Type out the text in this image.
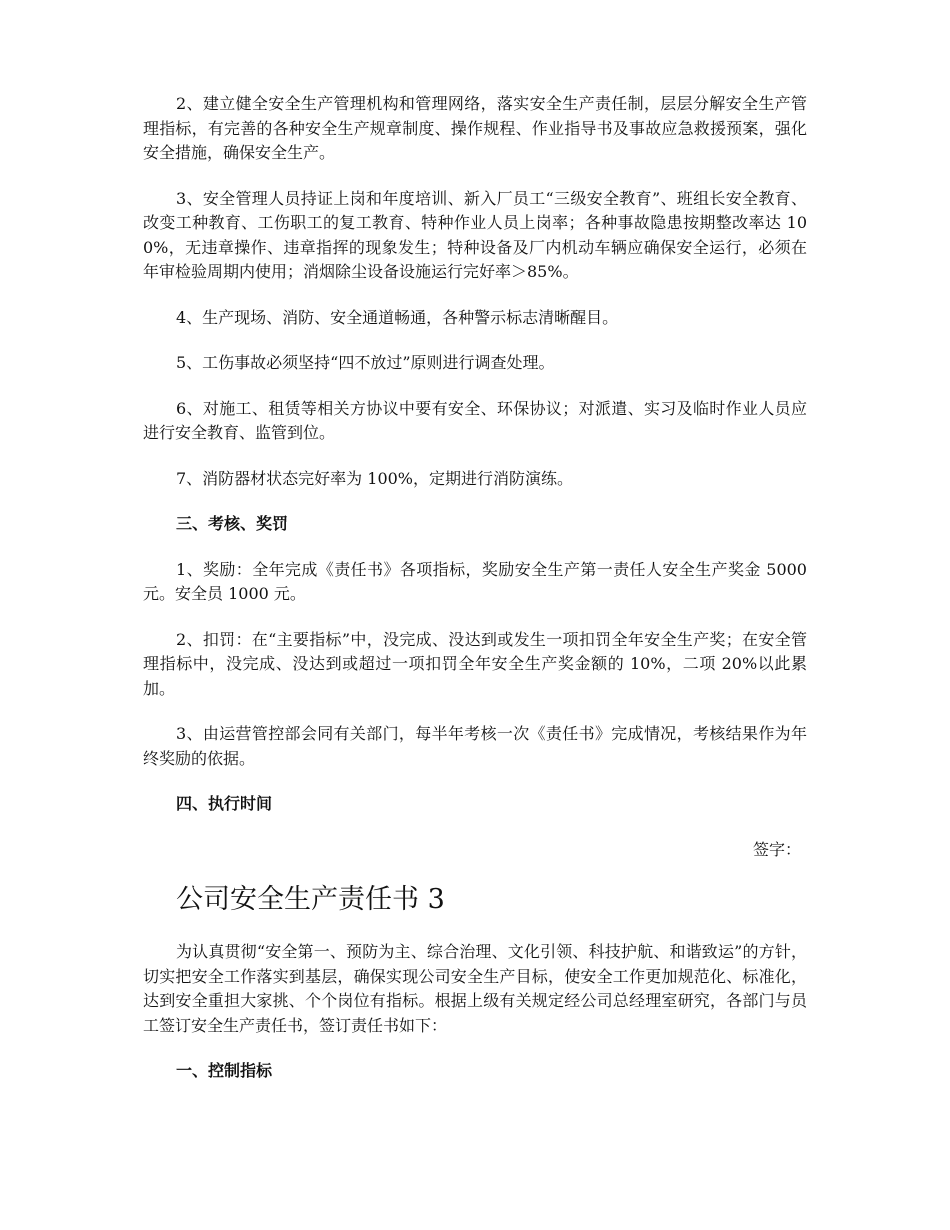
2、建立健全安全生产管理机构和管理网络，落实安全生产责任制，层层分解安全生产管理指标，有完善的各种安全生产规章制度、操作规程、作业指导书及事故应急救援预案，强化安全措施，确保安全生产。

3、安全管理人员持证上岗和年度培训、新入厂员工“三级安全教育”、班组长安全教育、改变工种教育、工伤职工的复工教育、特种作业人员上岗率；各种事故隐患按期整改率达 100%，无违章操作、违章指挥的现象发生；特种设备及厂内机动车辆应确保安全运行，必须在年审检验周期内使用；消烟除尘设备设施运行完好率＞85%。

4、生产现场、消防、安全通道畅通，各种警示标志清晰醒目。

5、工伤事故必须坚持“四不放过”原则进行调查处理。

6、对施工、租赁等相关方协议中要有安全、环保协议；对派遣、实习及临时作业人员应进行安全教育、监管到位。

7、消防器材状态完好率为 100%，定期进行消防演练。

三、考核、奖罚

1、奖励：全年完成《责任书》各项指标，奖励安全生产第一责任人安全生产奖金 5000 元。安全员 1000 元。

2、扣罚：在“主要指标”中，没完成、没达到或发生一项扣罚全年安全生产奖；在安全管理指标中，没完成、没达到或超过一项扣罚全年安全生产奖金额的 10%，二项 20%以此累加。

3、由运营管控部会同有关部门，每半年考核一次《责任书》完成情况，考核结果作为年终奖励的依据。

四、执行时间

签字：

公司安全生产责任书 3

为认真贯彻“安全第一、预防为主、综合治理、文化引领、科技护航、和谐致运”的方针，切实把安全工作落实到基层，确保实现公司安全生产目标，使安全工作更加规范化、标准化，达到安全重担大家挑、个个岗位有指标。根据上级有关规定经公司总经理室研究，各部门与员工签订安全生产责任书，签订责任书如下：

一、控制指标
